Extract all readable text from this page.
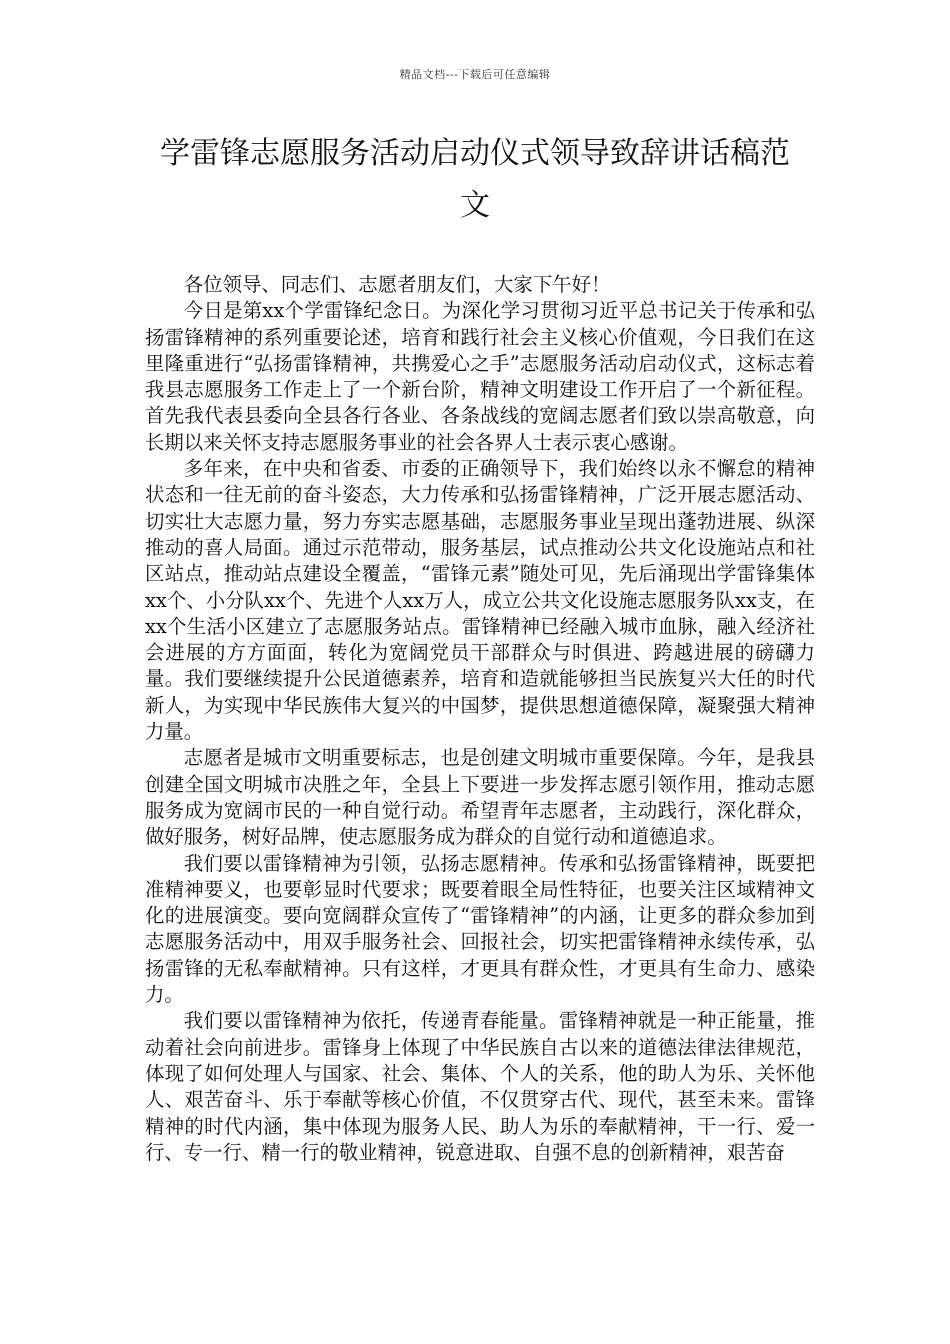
精品文档---下载后可任意编辑
学雷锋志愿服务活动启动仪式领导致辞讲话稿范文

各位领导、同志们、志愿者朋友们，大家下午好！

今日是第xx个学雷锋纪念日。为深化学习贯彻习近平总书记关于传承和弘扬雷锋精神的系列重要论述，培育和践行社会主义核心价值观，今日我们在这里隆重进行“弘扬雷锋精神，共携爱心之手”志愿服务活动启动仪式，这标志着我县志愿服务工作走上了一个新台阶，精神文明建设工作开启了一个新征程。首先我代表县委向全县各行各业、各条战线的宽阔志愿者们致以崇高敬意，向长期以来关怀支持志愿服务事业的社会各界人士表示衷心感谢。

多年来，在中央和省委、市委的正确领导下，我们始终以永不懈怠的精神状态和一往无前的奋斗姿态，大力传承和弘扬雷锋精神，广泛开展志愿活动、切实壮大志愿力量，努力夯实志愿基础，志愿服务事业呈现出蓬勃进展、纵深推动的喜人局面。通过示范带动，服务基层，试点推动公共文化设施站点和社区站点，推动站点建设全覆盖，“雷锋元素”随处可见，先后涌现出学雷锋集体xx个、小分队xx个、先进个人xx万人，成立公共文化设施志愿服务队xx支，在xx个生活小区建立了志愿服务站点。雷锋精神已经融入城市血脉，融入经济社会进展的方方面面，转化为宽阔党员干部群众与时俱进、跨越进展的磅礴力量。我们要继续提升公民道德素养，培育和造就能够担当民族复兴大任的时代新人，为实现中华民族伟大复兴的中国梦，提供思想道德保障，凝聚强大精神力量。

志愿者是城市文明重要标志，也是创建文明城市重要保障。今年，是我县创建全国文明城市决胜之年，全县上下要进一步发挥志愿引领作用，推动志愿服务成为宽阔市民的一种自觉行动。希望青年志愿者，主动践行，深化群众，做好服务，树好品牌，使志愿服务成为群众的自觉行动和道德追求。

我们要以雷锋精神为引领，弘扬志愿精神。传承和弘扬雷锋精神，既要把准精神要义，也要彰显时代要求；既要着眼全局性特征，也要关注区域精神文化的进展演变。要向宽阔群众宣传了“雷锋精神”的内涵，让更多的群众参加到志愿服务活动中，用双手服务社会、回报社会，切实把雷锋精神永续传承，弘扬雷锋的无私奉献精神。只有这样，才更具有群众性，才更具有生命力、感染力。

我们要以雷锋精神为依托，传递青春能量。雷锋精神就是一种正能量，推动着社会向前进步。雷锋身上体现了中华民族自古以来的道德法律法律规范，体现了如何处理人与国家、社会、集体、个人的关系，他的助人为乐、关怀他人、艰苦奋斗、乐于奉献等核心价值，不仅贯穿古代、现代，甚至未来。雷锋精神的时代内涵，集中体现为服务人民、助人为乐的奉献精神，干一行、爱一行、专一行、精一行的敬业精神，锐意进取、自强不息的创新精神，艰苦奋
